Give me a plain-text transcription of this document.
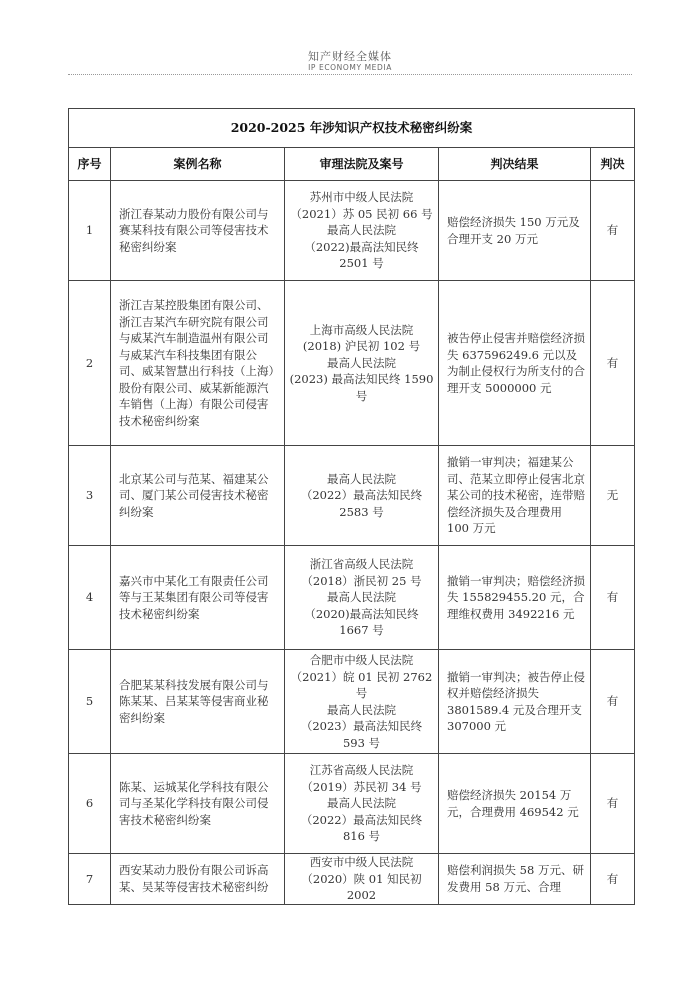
知产财经全媒体
IP ECONOMY MEDIA
2020-2025 年涉知识产权技术秘密纠纷案				
序号	案例名称	审理法院及案号	判决结果	判决
1	浙江春某动力股份有限公司与赛某科技有限公司等侵害技术秘密纠纷案	苏州市中级人民法院
（2021）苏 05 民初 66 号
最高人民法院
（2022)最高法知民终 2501 号	赔偿经济损失 150 万元及合理开支 20 万元	有
2	浙江吉某控股集团有限公司、浙江吉某汽车研究院有限公司与威某汽车制造温州有限公司与威某汽车科技集团有限公司、威某智慧出行科技（上海）股份有限公司、威某新能源汽车销售（上海）有限公司侵害技术秘密纠纷案	上海市高级人民法院
(2018) 沪民初 102 号
最高人民法院
(2023) 最高法知民终 1590 号	被告停止侵害并赔偿经济损失 637596249.6 元以及为制止侵权行为所支付的合理开支 5000000 元	有
3	北京某公司与范某、福建某公司、厦门某公司侵害技术秘密纠纷案	最高人民法院
（2022）最高法知民终 2583 号	撤销一审判决；福建某公司、范某立即停止侵害北京某公司的技术秘密，连带赔偿经济损失及合理费用 100 万元	无
4	嘉兴市中某化工有限责任公司等与王某集团有限公司等侵害技术秘密纠纷案	浙江省高级人民法院
（2018）浙民初 25 号
最高人民法院
（2020)最高法知民终 1667 号	撤销一审判决；赔偿经济损失 155829455.20 元，合理维权费用 3492216 元	有
5	合肥某某科技发展有限公司与陈某某、吕某某等侵害商业秘密纠纷案	合肥市中级人民法院
（2021）皖 01 民初 2762 号
最高人民法院
（2023）最高法知民终 593 号	撤销一审判决；被告停止侵权并赔偿经济损失 3801589.4 元及合理开支 307000 元	有
6	陈某、运城某化学科技有限公司与圣某化学科技有限公司侵害技术秘密纠纷案	江苏省高级人民法院
（2019）苏民初 34 号
最高人民法院
（2022）最高法知民终 816 号	赔偿经济损失 20154 万元，合理费用 469542 元	有
7	西安某动力股份有限公司诉高某、吴某等侵害技术秘密纠纷	西安市中级人民法院
（2020）陕 01 知民初 2002	赔偿利润损失 58 万元、研发费用 58 万元、合理	有
